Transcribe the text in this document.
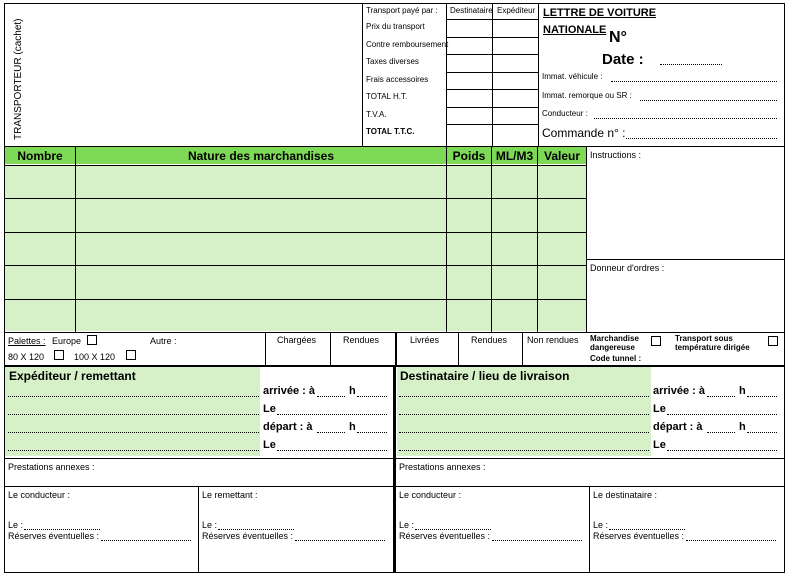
TRANSPORTEUR (cachet)
Transport payé par : Destinataire Expéditeur
Prix du transport
Contre remboursement
Taxes diverses
Frais accessoires
TOTAL H.T.
T.V.A.
TOTAL T.T.C.
LETTRE DE VOITURE
NATIONALE N°
Date :
Immat. véhicule :
Immat. remorque ou SR :
Conducteur :
Commande n° :
Nombre	Nature des marchandises	Poids ML/M3 Valeur	Instructions :
Donneur d'ordres :
Palettes : Europe	Autre :
80 X 120	100 X 120
Chargées	Rendues	Livrées	Rendues Non rendues Marchandise
dangereuse
Transport sous
température dirigée
Code tunnel :
Expéditeur / remettant	Destinataire / lieu de livraison
arrivée : à	h
Le
départ : à	h
Le
arrivée : à	h
Le
départ : à	h
Le
Prestations annexes :	Prestations annexes :
Le conducteur :	Le remettant :	Le conducteur :	Le destinataire :
Le :
Réserves éventuelles :
Le :
Réserves éventuelles :
Le :
Réserves éventuelles :
Le :
Réserves éventuelles :
